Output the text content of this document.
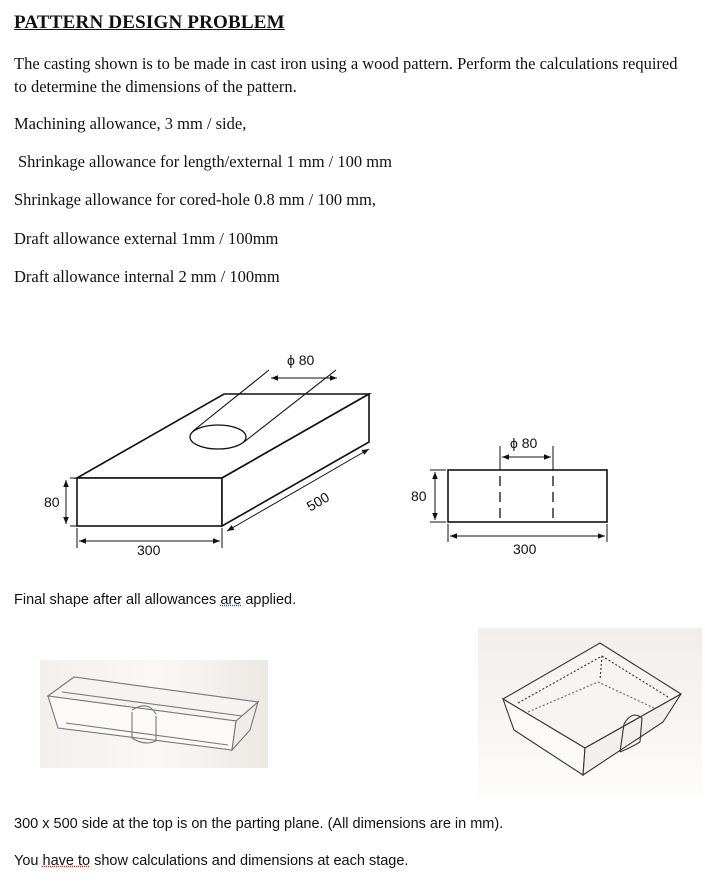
PATTERN DESIGN PROBLEM
The casting shown is to be made in cast iron using a wood pattern. Perform the calculations required to determine the dimensions of the pattern.
Machining allowance, 3 mm / side,
Shrinkage allowance for length/external 1 mm / 100 mm
Shrinkage allowance for cored-hole 0.8 mm / 100 mm,
Draft allowance external 1mm / 100mm
Draft allowance internal 2 mm / 100mm
ϕ 80
80
300
500
ϕ 80
80
300
Final shape after all allowances are applied.
300 x 500 side at the top is on the parting plane. (All dimensions are in mm).
You have to show calculations and dimensions at each stage.
